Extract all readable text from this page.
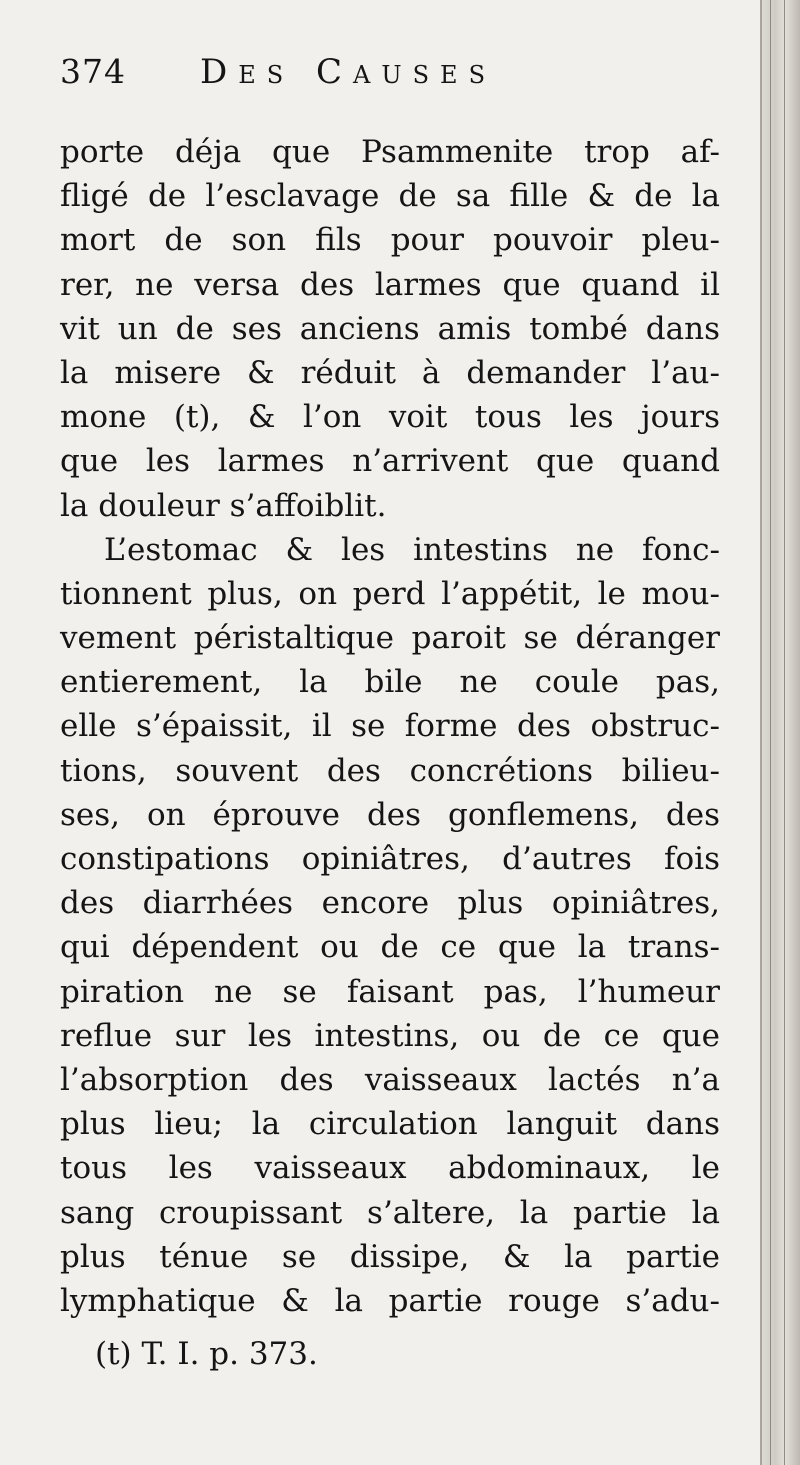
374	Des Causes
porte déja que Psammenite trop af-
fligé de l’esclavage de sa fille & de la
mort de son fils pour pouvoir pleu-
rer, ne versa des larmes que quand il
vit un de ses anciens amis tombé dans
la misere & réduit à demander l’au-
mone (t), & l’on voit tous les jours
que les larmes n’arrivent que quand
la douleur s’affoiblit.
L’estomac & les intestins ne fonc-
tionnent plus, on perd l’appétit, le mou-
vement péristaltique paroit se déranger
entierement, la bile ne coule pas,
elle s’épaissit, il se forme des obstruc-
tions, souvent des concrétions bilieu-
ses, on éprouve des gonflemens, des
constipations opiniâtres, d’autres fois
des diarrhées encore plus opiniâtres,
qui dépendent ou de ce que la trans-
piration ne se faisant pas, l’humeur
reflue sur les intestins, ou de ce que
l’absorption des vaisseaux lactés n’a
plus lieu; la circulation languit dans
tous les vaisseaux abdominaux, le
sang croupissant s’altere, la partie la
plus ténue se dissipe, & la partie
lymphatique & la partie rouge s’adu-
(t) T. I. p. 373.
